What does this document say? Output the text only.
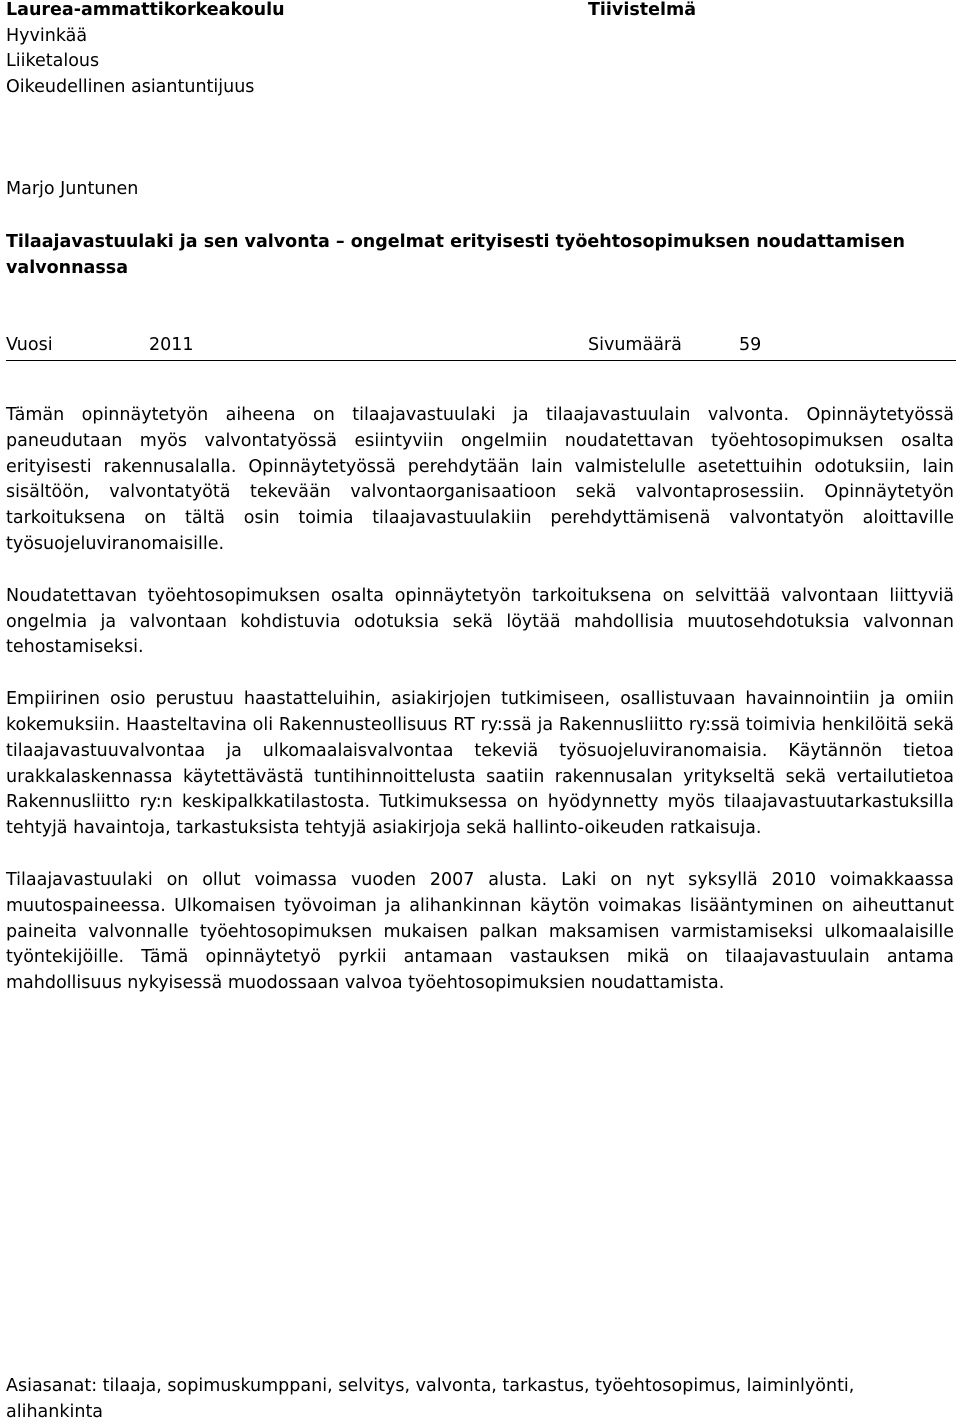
Laurea-ammattikorkeakoulu
Hyvinkää
Liiketalous
Oikeudellinen asiantuntijuus
Tiivistelmä
Marjo Juntunen
Tilaajavastuulaki ja sen valvonta – ongelmat erityisesti työehtosopimuksen noudattamisen valvonnassa
Vuosi	2011	Sivumäärä	59

Tämän opinnäytetyön aiheena on tilaajavastuulaki ja tilaajavastuulain valvonta. Opinnäytetyössä paneudutaan myös valvontatyössä esiintyviin ongelmiin noudatettavan työehtosopimuksen osalta erityisesti rakennusalalla. Opinnäytetyössä perehdytään lain valmistelulle asetettuihin odotuksiin, lain sisältöön, valvontatyötä tekevään valvontaorganisaatioon sekä valvontaprosessiin. Opinnäytetyön tarkoituksena on tältä osin toimia tilaajavastuulakiin perehdyttämisenä valvontatyön aloittaville työsuojeluviranomaisille.

Noudatettavan työehtosopimuksen osalta opinnäytetyön tarkoituksena on selvittää valvontaan liittyviä ongelmia ja valvontaan kohdistuvia odotuksia sekä löytää mahdollisia muutosehdotuksia valvonnan tehostamiseksi.

Empiirinen osio perustuu haastatteluihin, asiakirjojen tutkimiseen, osallistuvaan havainnointiin ja omiin kokemuksiin. Haasteltavina oli Rakennusteollisuus RT ry:ssä ja Rakennusliitto ry:ssä toimivia henkilöitä sekä tilaajavastuuvalvontaa ja ulkomaalaisvalvontaa tekeviä työsuojeluviranomaisia. Käytännön tietoa urakkalaskennassa käytettävästä tuntihinnoittelusta saatiin rakennusalan yritykseltä sekä vertailutietoa Rakennusliitto ry:n keskipalkkatilastosta. Tutkimuksessa on hyödynnetty myös tilaajavastuutarkastuksilla tehtyjä havaintoja, tarkastuksista tehtyjä asiakirjoja sekä hallinto-oikeuden ratkaisuja.

Tilaajavastuulaki on ollut voimassa vuoden 2007 alusta. Laki on nyt syksyllä 2010 voimakkaassa muutospaineessa. Ulkomaisen työvoiman ja alihankinnan käytön voimakas lisääntyminen on aiheuttanut paineita valvonnalle työehtosopimuksen mukaisen palkan maksamisen varmistamiseksi ulkomaalaisille työntekijöille. Tämä opinnäytetyö pyrkii antamaan vastauksen mikä on tilaajavastuulain antama mahdollisuus nykyisessä muodossaan valvoa työehtosopimuksien noudattamista.

Asiasanat: tilaaja, sopimuskumppani, selvitys, valvonta, tarkastus, työehtosopimus, laiminlyönti, alihankinta
